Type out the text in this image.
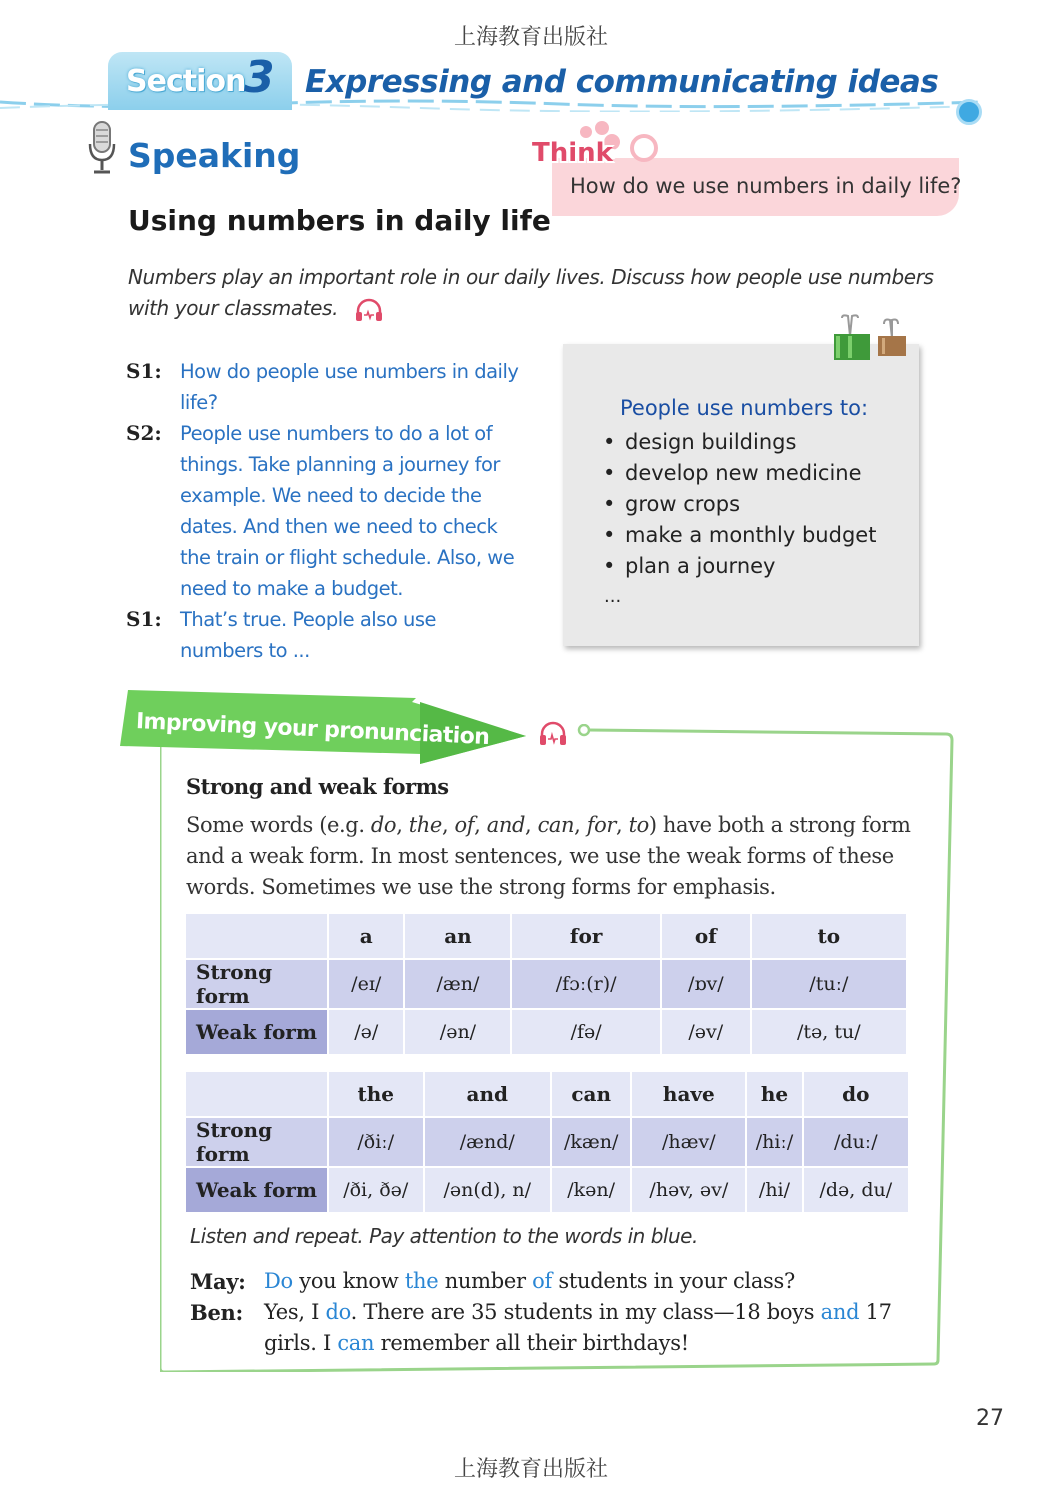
上海教育出版社
Section
3 Expressing and communicating ideas
Speaking	Think
How do we use numbers in daily life?
Using numbers in daily life
Numbers play an important role in our daily lives. Discuss how people use numbers with your classmates.
S1: How do people use numbers in daily life?
S2: People use numbers to do a lot of things. Take planning a journey for example. We need to decide the dates. And then we need to check the train or flight schedule. Also, we need to make a budget.
S1: That’s true. People also use numbers to ...
People use numbers to:
• design buildings
• develop new medicine
• grow crops
• make a monthly budget
• plan a journey
...
Improving your pronunciation
Strong and weak forms
Some words (e.g. do, the, of, and, can, for, to) have both a strong form and a weak form. In most sentences, we use the weak forms of these words. Sometimes we use the strong forms for emphasis.
	a	an	for	of	to
Strong form	/eɪ/	/æn/	/fɔː(r)/	/ɒv/	/tuː/
Weak form	/ə/	/ən/	/fə/	/əv/	/tə, tu/
	the	and	can	have	he	do
Strong form	/ðiː/	/ænd/	/kæn/	/hæv/	/hiː/	/duː/
Weak form	/ði, ðə/	/ən(d), n/	/kən/	/həv, əv/	/hi/	/də, du/
Listen and repeat. Pay attention to the words in blue.
May: Do you know the number of students in your class?
Ben:	Yes, I do. There are 35 students in my class—18 boys and 17 girls. I can remember all their birthdays!
27
上海教育出版社
